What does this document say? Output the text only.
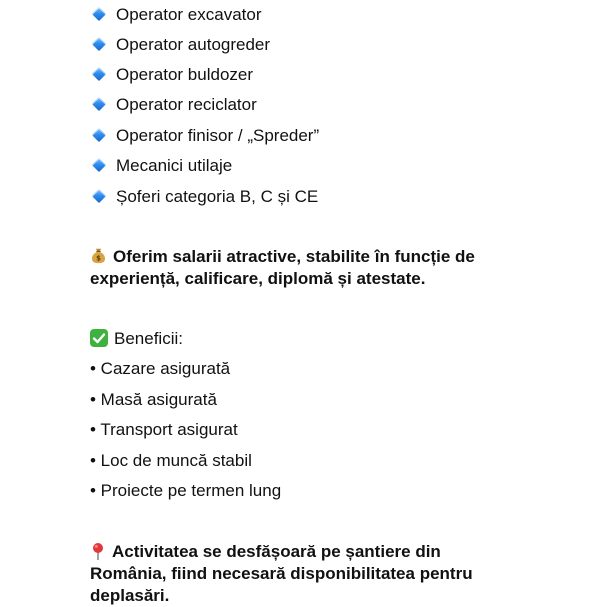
Operator excavator
Operator autogreder
Operator buldozer
Operator reciclator
Operator finisor / „Spreder”
Mecanici utilaje
Șoferi categoria B, C și CE
$ Oferim salarii atractive, stabilite în funcție de
experiență, calificare, diplomă și atestate.
Beneficii:
• Cazare asigurată
• Masă asigurată
• Transport asigurat
• Loc de muncă stabil
• Proiecte pe termen lung
Activitatea se desfășoară pe șantiere din
România, fiind necesară disponibilitatea pentru
deplasări.
